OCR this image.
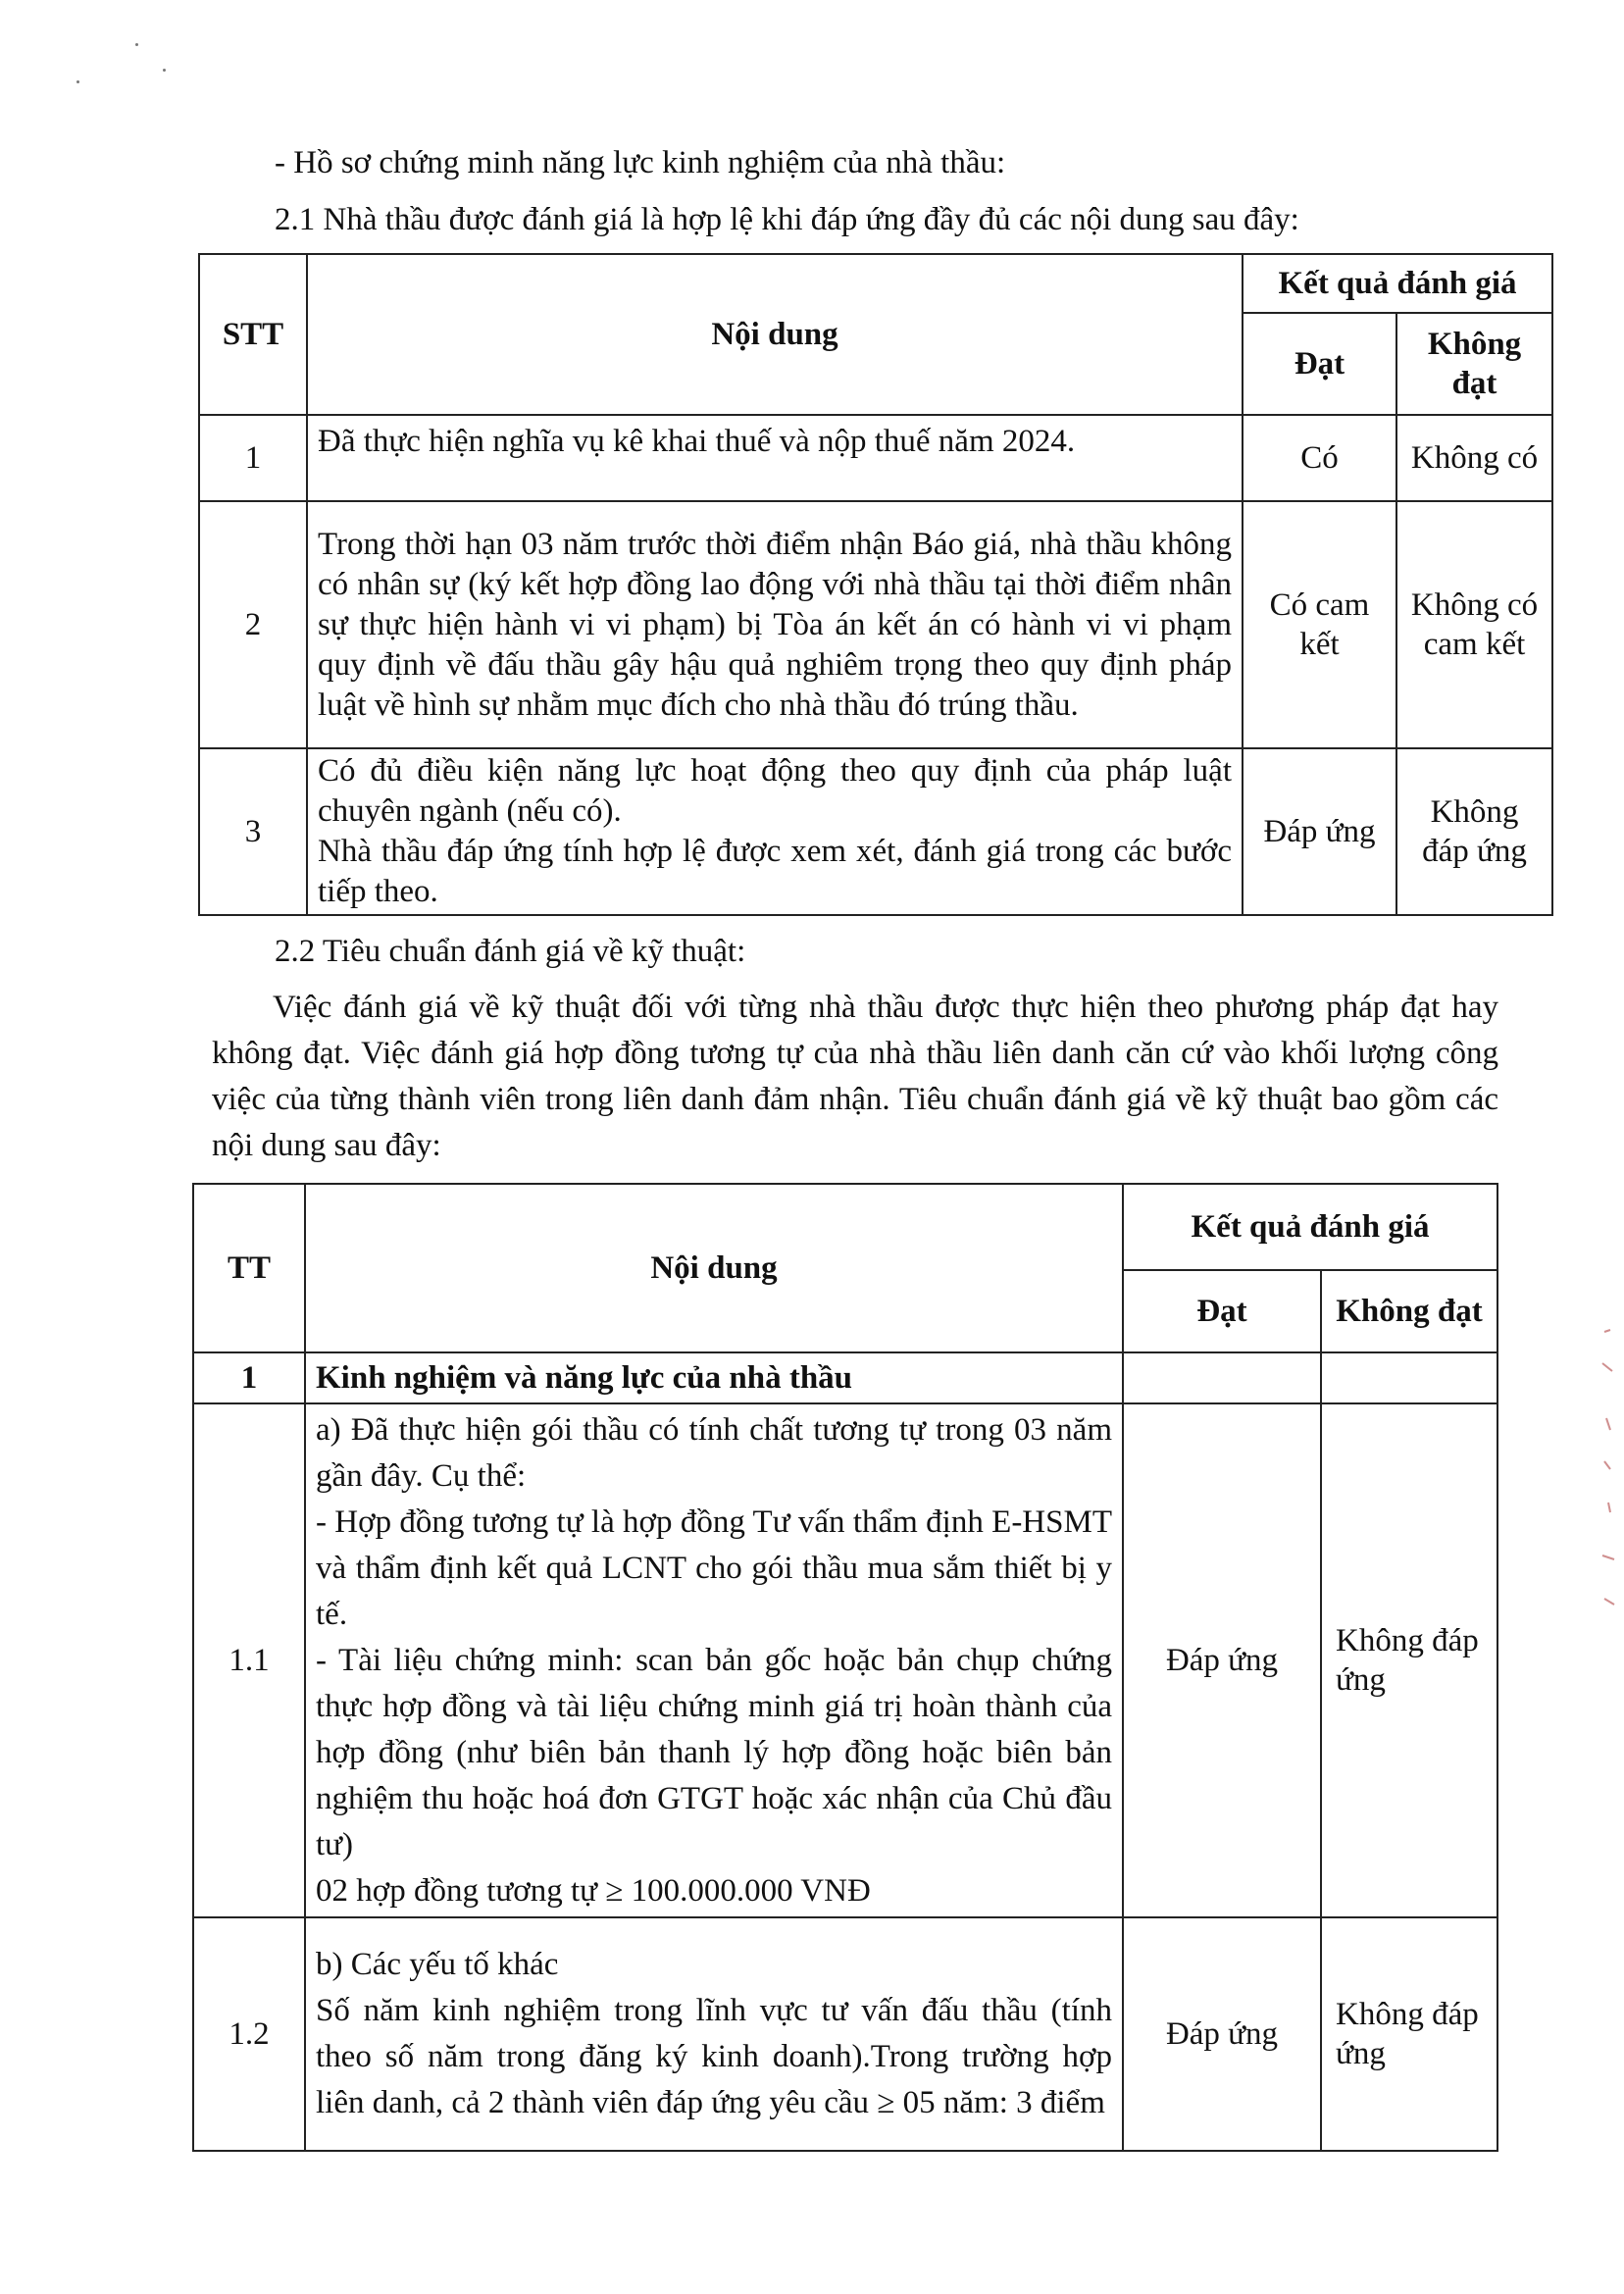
- Hồ sơ chứng minh năng lực kinh nghiệm của nhà thầu:
2.1 Nhà thầu được đánh giá là hợp lệ khi đáp ứng đầy đủ các nội dung sau đây:
STT	Nội dung	Kết quả đánh giá	
		Đạt	Không đạt
1	Đã thực hiện nghĩa vụ kê khai thuế và nộp thuế năm 2024.	Có	Không có
2	Trong thời hạn 03 năm trước thời điểm nhận Báo giá, nhà thầu không có nhân sự (ký kết hợp đồng lao động với nhà thầu tại thời điểm nhân sự thực hiện hành vi vi phạm) bị Tòa án kết án có hành vi vi phạm quy định về đấu thầu gây hậu quả nghiêm trọng theo quy định pháp luật về hình sự nhằm mục đích cho nhà thầu đó trúng thầu.	Có cam kết	Không có cam kết
3	Có đủ điều kiện năng lực hoạt động theo quy định của pháp luật chuyên ngành (nếu có).
Nhà thầu đáp ứng tính hợp lệ được xem xét, đánh giá trong các bước tiếp theo.	Đáp ứng	Không đáp ứng
2.2 Tiêu chuẩn đánh giá về kỹ thuật:
Việc đánh giá về kỹ thuật đối với từng nhà thầu được thực hiện theo phương pháp đạt hay không đạt. Việc đánh giá hợp đồng tương tự của nhà thầu liên danh căn cứ vào khối lượng công việc của từng thành viên trong liên danh đảm nhận. Tiêu chuẩn đánh giá về kỹ thuật bao gồm các nội dung sau đây:
TT	Nội dung	Kết quả đánh giá	
		Đạt	Không đạt
1	Kinh nghiệm và năng lực của nhà thầu		
1.1	a) Đã thực hiện gói thầu có tính chất tương tự trong 03 năm gần đây. Cụ thể:
- Hợp đồng tương tự là hợp đồng Tư vấn thẩm định E-HSMT và thẩm định kết quả LCNT cho gói thầu mua sắm thiết bị y tế.
- Tài liệu chứng minh: scan bản gốc hoặc bản chụp chứng thực hợp đồng và tài liệu chứng minh giá trị hoàn thành của hợp đồng (như biên bản thanh lý hợp đồng hoặc biên bản nghiệm thu hoặc hoá đơn GTGT hoặc xác nhận của Chủ đầu tư)
02 hợp đồng tương tự ≥ 100.000.000 VNĐ	Đáp ứng	Không đáp ứng
1.2	b) Các yếu tố khác
Số năm kinh nghiệm trong lĩnh vực tư vấn đấu thầu (tính theo số năm trong đăng ký kinh doanh).Trong trường hợp liên danh, cả 2 thành viên đáp ứng yêu cầu ≥ 05 năm: 3 điểm	Đáp ứng	Không đáp ứng
